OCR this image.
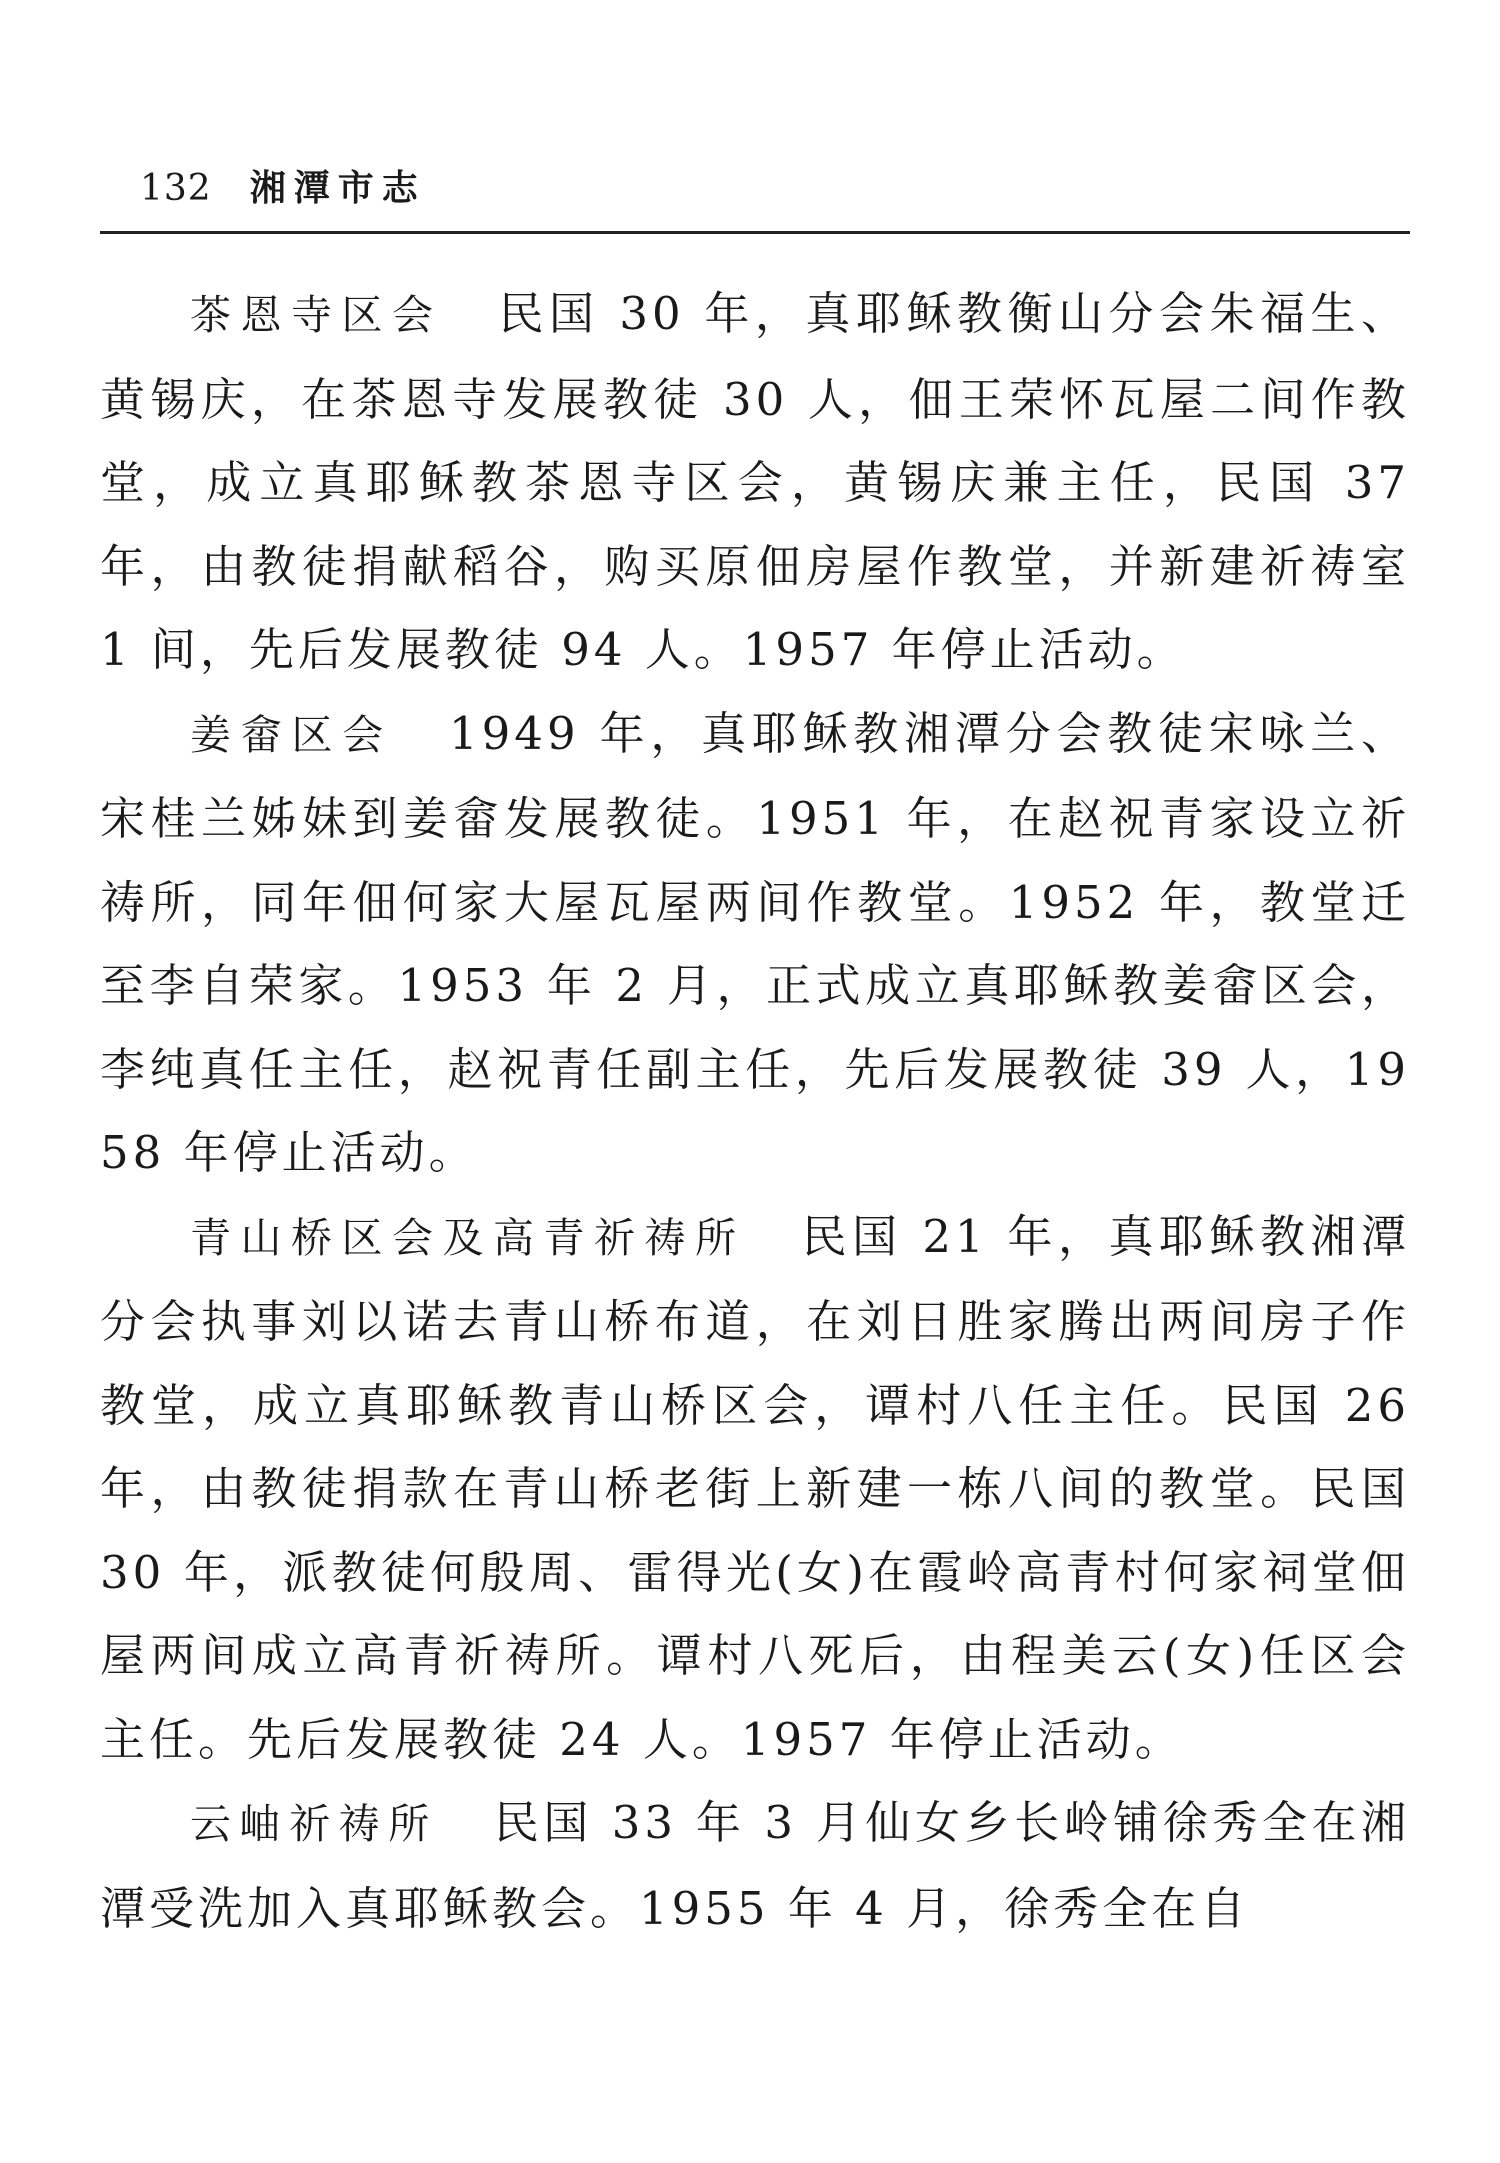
132 湘潭市志

茶恩寺区会 民国 30 年，真耶稣教衡山分会朱福生、黄锡庆，在茶恩寺发展教徒 30 人，佃王荣怀瓦屋二间作教堂，成立真耶稣教茶恩寺区会，黄锡庆兼主任，民国 37 年，由教徒捐献稻谷，购买原佃房屋作教堂，并新建祈祷室 1 间，先后发展教徒 94 人。1957 年停止活动。

姜畲区会 1949 年，真耶稣教湘潭分会教徒宋咏兰、宋桂兰姊妹到姜畲发展教徒。1951 年，在赵祝青家设立祈祷所，同年佃何家大屋瓦屋两间作教堂。1952 年，教堂迁至李自荣家。1953 年 2 月，正式成立真耶稣教姜畲区会，李纯真任主任，赵祝青任副主任，先后发展教徒 39 人，1958 年停止活动。

青山桥区会及高青祈祷所 民国 21 年，真耶稣教湘潭分会执事刘以诺去青山桥布道，在刘日胜家腾出两间房子作教堂，成立真耶稣教青山桥区会，谭村八任主任。民国 26 年，由教徒捐款在青山桥老街上新建一栋八间的教堂。民国 30 年，派教徒何殷周、雷得光(女)在霞岭高青村何家祠堂佃屋两间成立高青祈祷所。谭村八死后，由程美云(女)任区会主任。先后发展教徒 24 人。1957 年停止活动。

云岫祈祷所 民国 33 年 3 月仙女乡长岭铺徐秀全在湘潭受洗加入真耶稣教会。1955 年 4 月，徐秀全在自
